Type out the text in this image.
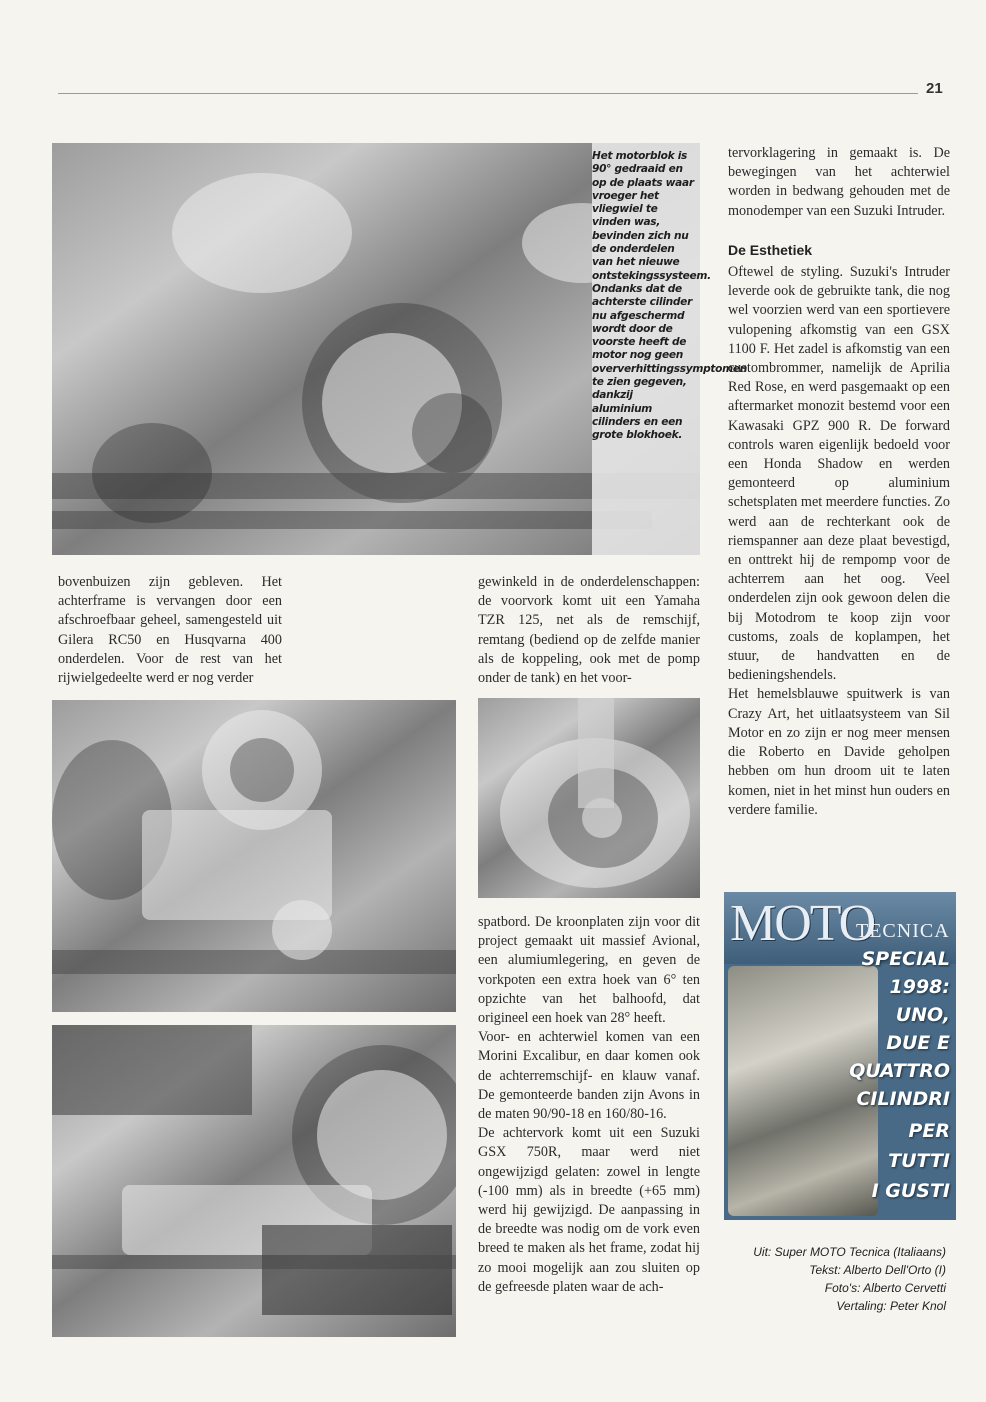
21
Het motorblok is 90° gedraaid en op de plaats waar vroeger het vliegwiel te vinden was, bevinden zich nu de onderdelen van het nieuwe ontstekingssysteem. Ondanks dat de achterste cilinder nu afgeschermd wordt door de voorste heeft de motor nog geen oververhittingssymptomen te zien gegeven, dankzij aluminium cilinders en een grote blokhoek.

bovenbuizen zijn gebleven. Het achterframe is vervangen door een afschroefbaar geheel, samengesteld uit Gilera RC50 en Husqvarna 400 onderdelen. Voor de rest van het rijwielgedeelte werd er nog verder

gewinkeld in de onderdelenschappen: de voorvork komt uit een Yamaha TZR 125, net als de remschijf, remtang (bediend op de zelfde manier als de koppeling, ook met de pomp onder de tank) en het voor-

spatbord. De kroonplaten zijn voor dit project gemaakt uit massief Avional, een alumiumlegering, en geven de vorkpoten een extra hoek van 6° ten opzichte van het balhoofd, dat origineel een hoek van 28° heeft.

Voor- en achterwiel komen van een Morini Excalibur, en daar komen ook de achterremschijf- en klauw vanaf. De gemonteerde banden zijn Avons in de maten 90/90-18 en 160/80-16.

De achtervork komt uit een Suzuki GSX 750R, maar werd niet ongewijzigd gelaten: zowel in lengte (-100 mm) als in breedte (+65 mm) werd hij gewijzigd. De aanpassing in de breedte was nodig om de vork even breed te maken als het frame, zodat hij zo mooi mogelijk aan zou sluiten op de gefreesde platen waar de ach-

tervorklagering in gemaakt is. De bewegingen van het achterwiel worden in bedwang gehouden met de monodemper van een Suzuki Intruder.

De Esthetiek

Oftewel de styling. Suzuki's Intruder leverde ook de gebruikte tank, die nog wel voorzien werd van een sportievere vulopening afkomstig van een GSX 1100 F. Het zadel is afkomstig van een custombrommer, namelijk de Aprilia Red Rose, en werd pasgemaakt op een aftermarket monozit bestemd voor een Kawasaki GPZ 900 R. De forward controls waren eigenlijk bedoeld voor een Honda Shadow en werden gemonteerd op aluminium schetsplaten met meerdere functies. Zo werd aan de rechterkant ook de riemspanner aan deze plaat bevestigd, en onttrekt hij de rempomp voor de achterrem aan het oog. Veel onderdelen zijn ook gewoon delen die bij Motodrom te koop zijn voor customs, zoals de koplampen, het stuur, de handvatten en de bedieningshendels.

Het hemelsblauwe spuitwerk is van Crazy Art, het uitlaatsysteem van Sil Motor en zo zijn er nog meer mensen die Roberto en Davide geholpen hebben om hun droom uit te laten komen, niet in het minst hun ouders en verdere familie.

MOTO
TECNICA
SPECIAL
1998:
UNO,
DUE E
QUATTRO
CILINDRI
PER
TUTTI
I GUSTI
Uit: Super MOTO Tecnica (Italiaans)
Tekst: Alberto Dell'Orto (I)
Foto's: Alberto Cervetti
Vertaling: Peter Knol
